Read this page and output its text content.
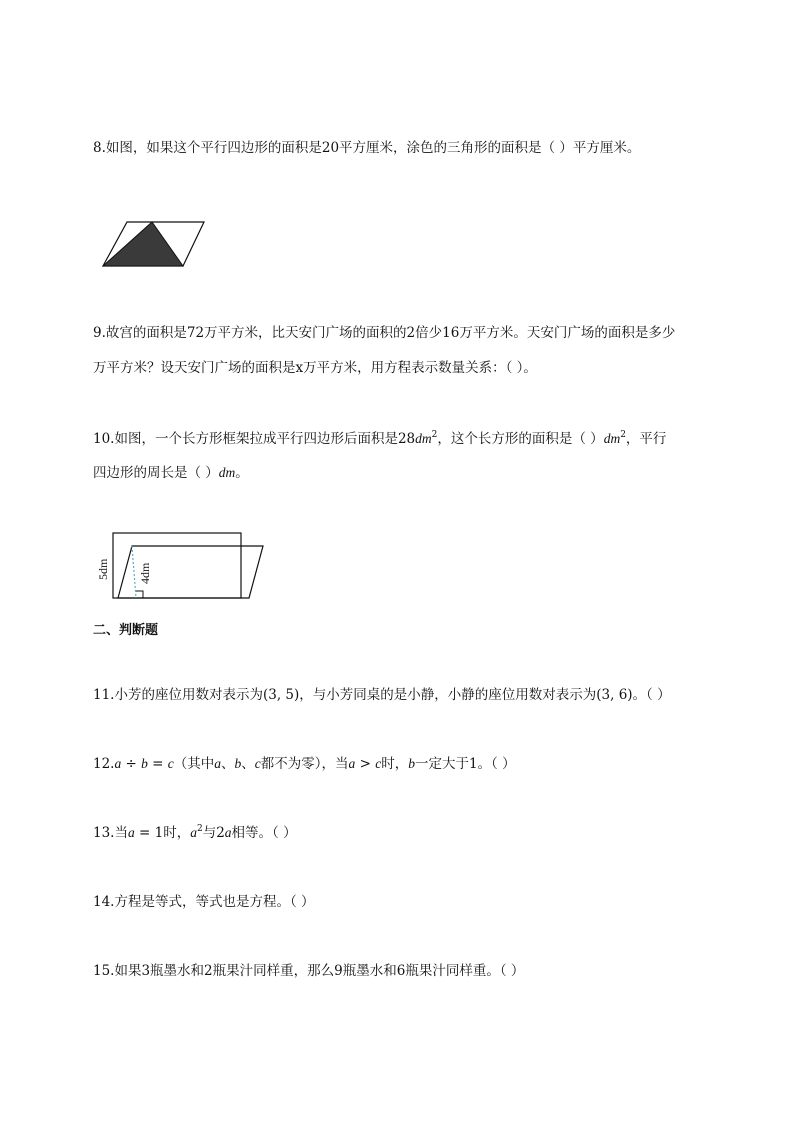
8.如图，如果这个平行四边形的面积是20平方厘米，涂色的三角形的面积是（ ）平方厘米。
9.故宫的面积是72万平方米，比天安门广场的面积的2倍少16万平方米。天安门广场的面积是多少
万平方米？设天安门广场的面积是x万平方米，用方程表示数量关系：（ ）。
10.如图，一个长方形框架拉成平行四边形后面积是$28dm^2$，这个长方形的面积是（ ）$dm^2$，平行
四边形的周长是（ ）dm。
5dm 4dm
二、判断题
11.小芳的座位用数对表示为(3, 5)，与小芳同桌的是小静，小静的座位用数对表示为(3, 6)。（ ）
12.a ÷ b = c（其中a、b、c都不为零），当a > c时，b一定大于1。（ ）
13.当a = 1时，$a^2$与2a相等。（ ）
14.方程是等式，等式也是方程。（ ）
15.如果3瓶墨水和2瓶果汁同样重，那么9瓶墨水和6瓶果汁同样重。（ ）
